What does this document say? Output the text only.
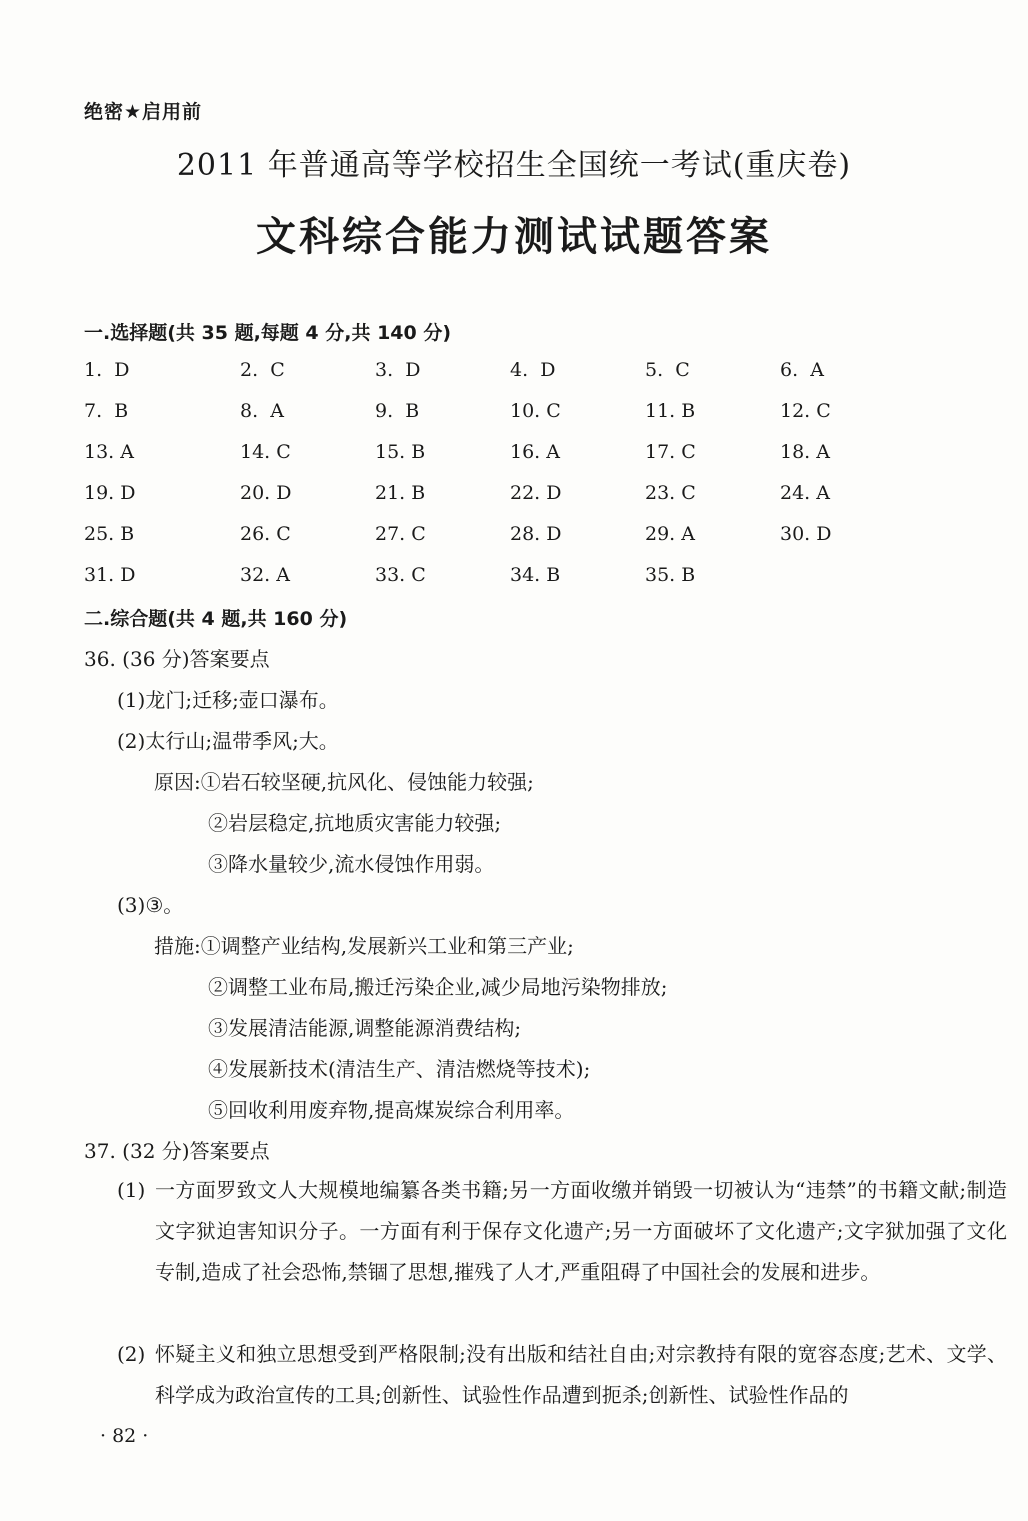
绝密★启用前
2011 年普通高等学校招生全国统一考试(重庆卷)
文科综合能力测试试题答案
一.选择题(共 35 题,每题 4 分,共 140 分)
1.  D	2.  C	3.  D	4.  D	5.  C	6.  A
7.  B	8.  A	9.  B	10. C	11. B	12. C
13. A	14. C	15. B	16. A	17. C	18. A
19. D	20. D	21. B	22. D	23. C	24. A
25. B	26. C	27. C	28. D	29. A	30. D
31. D	32. A	33. C	34. B	35. B
二.综合题(共 4 题,共 160 分)
36. (36 分)答案要点
(1)龙门;迁移;壶口瀑布。
(2)太行山;温带季风;大。
原因:①岩石较坚硬,抗风化、侵蚀能力较强;
②岩层稳定,抗地质灾害能力较强;
③降水量较少,流水侵蚀作用弱。
(3)③。
措施:①调整产业结构,发展新兴工业和第三产业;
②调整工业布局,搬迁污染企业,减少局地污染物排放;
③发展清洁能源,调整能源消费结构;
④发展新技术(清洁生产、清洁燃烧等技术);
⑤回收利用废弃物,提高煤炭综合利用率。
37. (32 分)答案要点
(1) 一方面罗致文人大规模地编纂各类书籍;另一方面收缴并销毁一切被认为“违禁”的书籍文献;制造文字狱迫害知识分子。一方面有利于保存文化遗产;另一方面破坏了文化遗产;文字狱加强了文化专制,造成了社会恐怖,禁锢了思想,摧残了人才,严重阻碍了中国社会的发展和进步。
(2) 怀疑主义和独立思想受到严格限制;没有出版和结社自由;对宗教持有限的宽容态度;艺术、文学、科学成为政治宣传的工具;创新性、试验性作品遭到扼杀;创新性、试验性作品的
· 82 ·
